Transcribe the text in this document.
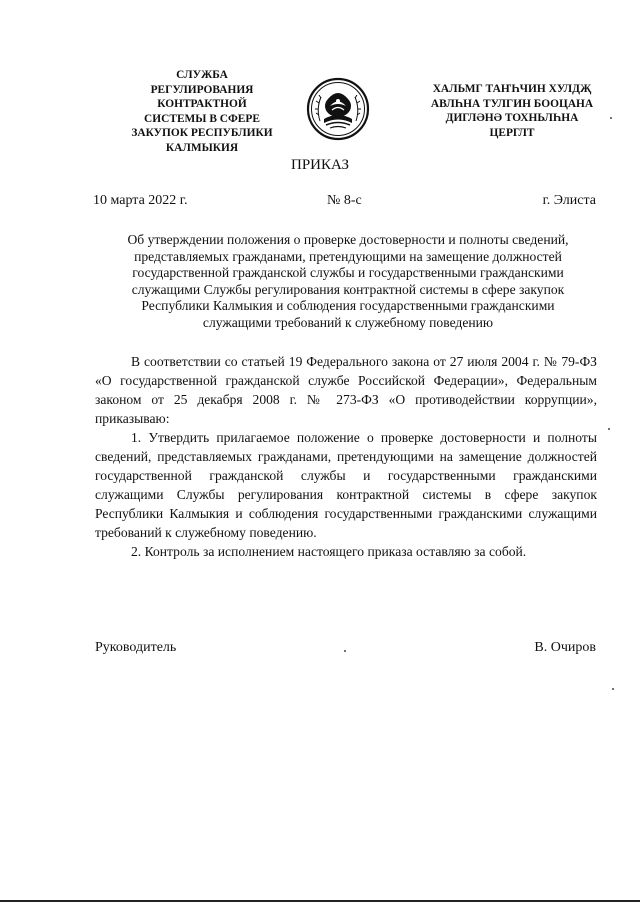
СЛУЖБА
РЕГУЛИРОВАНИЯ
КОНТРАКТНОЙ
СИСТЕМЫ В СФЕРЕ
ЗАКУПОК РЕСПУБЛИКИ
КАЛМЫКИЯ
ХАЛЬМГ ТАҤҺЧИН ХУЛДҖ
АВЛҺНА ТУЛГИН БООЦАНА
ДИГЛӘНӘ ТОХНЬЛҺНА
ЦЕРГЛТ
ПРИКАЗ
10 марта 2022 г.	№ 8-с	г. Элиста
Об утверждении положения о проверке достоверности и полноты сведений,
представляемых гражданами, претендующими на замещение должностей
государственной гражданской службы и государственными гражданскими
служащими Службы регулирования контрактной системы в сфере закупок
Республики Калмыкия и соблюдения государственными гражданскими
служащими требований к служебному поведению

В соответствии со статьей 19 Федерального закона от 27 июля 2004 г. № 79-ФЗ «О государственной гражданской службе Российской Федерации», Федеральным законом от 25 декабря 2008 г. № 273-ФЗ «О противодействии коррупции», приказываю:

1. Утвердить прилагаемое положение о проверке достоверности и полноты сведений, представляемых гражданами, претендующими на замещение должностей государственной гражданской службы и государственными гражданскими служащими Службы регулирования контрактной системы в сфере закупок Республики Калмыкия и соблюдения государственными гражданскими служащими требований к служебному поведению.

2. Контроль за исполнением настоящего приказа оставляю за собой.

Руководитель	В. Очиров
